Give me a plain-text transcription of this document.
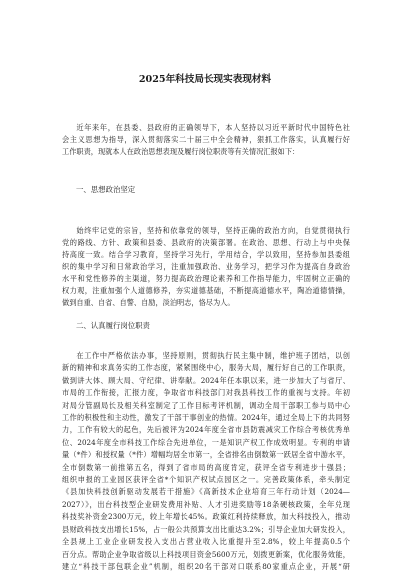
2025年科技局长现实表现材料
近年来年，在县委、县政府的正确领导下，本人坚持以习近平新时代中国特色社
会主义思想为指导，深入贯彻落实二十届三中全会精神，狠抓工作落实，认真履行好
工作职责，现就本人在政治思想表现及履行岗位职责等有关情况汇报如下：
一、思想政治坚定
始终牢记党的宗旨，坚持和依靠党的领导，坚持正确的政治方向，自觉贯彻执行
党的路线、方针、政策和县委、县政府的决策部署。在政治、思想、行动上与中央保
持高度一致。结合学习教育，坚持学习先行，学用结合，学以致用，坚持参加县委组
织的集中学习和日常政治学习，注重加强政治、业务学习，把学习作为提高自身政治
水平和党性修养的主渠道，努力提高政治理论素养和工作指导能力，牢固树立正确的
权力观，注重加强个人道德修养，夯实道德基础，不断提高道德水平，陶冶道德情操，
做到自重、自省、自警、自励，淡泊明志，恪尽为人。
二、认真履行岗位职责
在工作中严格依法办事，坚持原则，贯彻执行民主集中制，维护班子团结，以创
新的精神和求真务实的工作态度，紧紧围绕中心，服务大局，履行好自己的工作职责，
做到讲大体、顾大局、守纪律、讲奉献。2024年任本职以来，进一步加大了与省厅、
市局的工作衔接，汇报力度，争取省市科技部门对我县科技工作的重视与支持。年初
对局分管副局长及相关科室制定了工作目标考评机制，调动全局干部职工参与局中心
工作的积极性和主动性，激发了干部干事创业的热情。2024年，通过全局上下的共同努
力，工作有较大的起色，先后被评为2024年度全省市县防震减灾工作综合考核优秀单
位、2024年度全市科技工作综合先进单位，一是知识产权工作成效明显。专利的申请
量（*件）和授权量（*件）增幅均居全市第一，全省排名由倒数第一跃居全省中游水平，
全市倒数第一前推第五名，得到了省市局的高度肯定，获评全省专利进步十强县；
组织申报的工业园区获评全省*个知识产权试点园区之一。完善政策体系，牵头制定
《县加快科技创新驱动发展若干措施》《高新技术企业培育三年行动计划（2024—
2027）》，出台科技型企业研发费用补贴、人才引进奖励等18条硬核政策，全年兑现
科技奖补资金2300万元，较上年增长45%。政策红利持续释放，加大科技投入，推动
县财政科技支出增长15%，占一般公共预算支出比重达3.2%；引导企业加大研发投入，
全县规上工业企业研发投入支出占营业收入比重提升至2.8%，较上年提高0.5个
百分点。帮助企业争取省级以上科技项目资金5600万元，划拨更新案，优化服务效能，
建立“科技干部包联企业”机制，组织20名干部对口联系80家重点企业，开展“研
